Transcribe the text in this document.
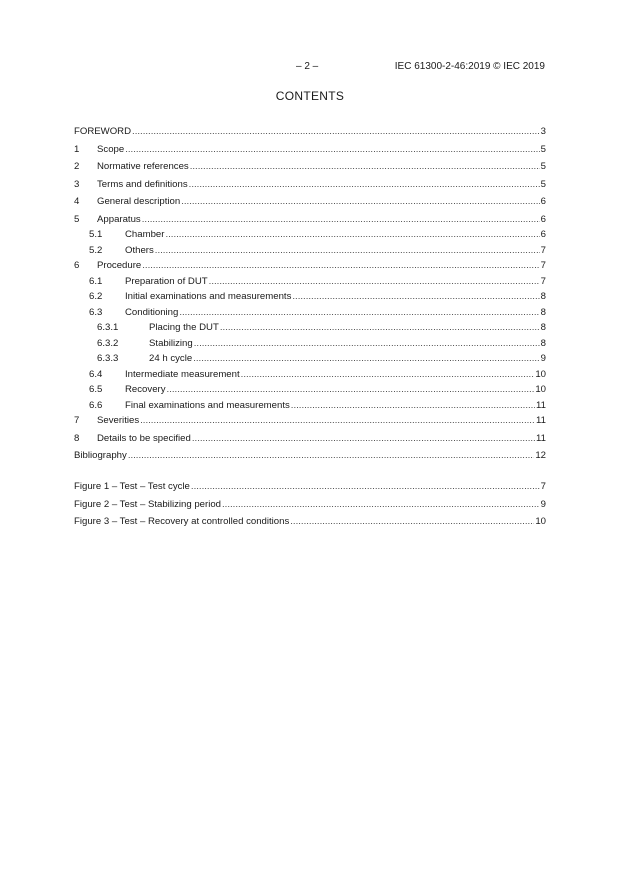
– 2 –	IEC 61300-2-46:2019 © IEC 2019
CONTENTS
FOREWORD .....	3
1	Scope .....	5
2	Normative references .....	5
3	Terms and definitions .....	5
4	General description .....	6
5	Apparatus .....	6
5.1	Chamber .....	6
5.2	Others .....	7
6	Procedure .....	7
6.1	Preparation of DUT .....	7
6.2	Initial examinations and measurements .....	8
6.3	Conditioning .....	8
6.3.1	Placing the DUT .....	8
6.3.2	Stabilizing .....	8
6.3.3	24 h cycle .....	9
6.4	Intermediate measurement .....	10
6.5	Recovery .....	10
6.6	Final examinations and measurements .....	11
7	Severities .....	11
8	Details to be specified .....	11
Bibliography .....	12
Figure 1 – Test – Test cycle .....	7
Figure 2 – Test – Stabilizing period .....	9
Figure 3 – Test – Recovery at controlled conditions .....	10
